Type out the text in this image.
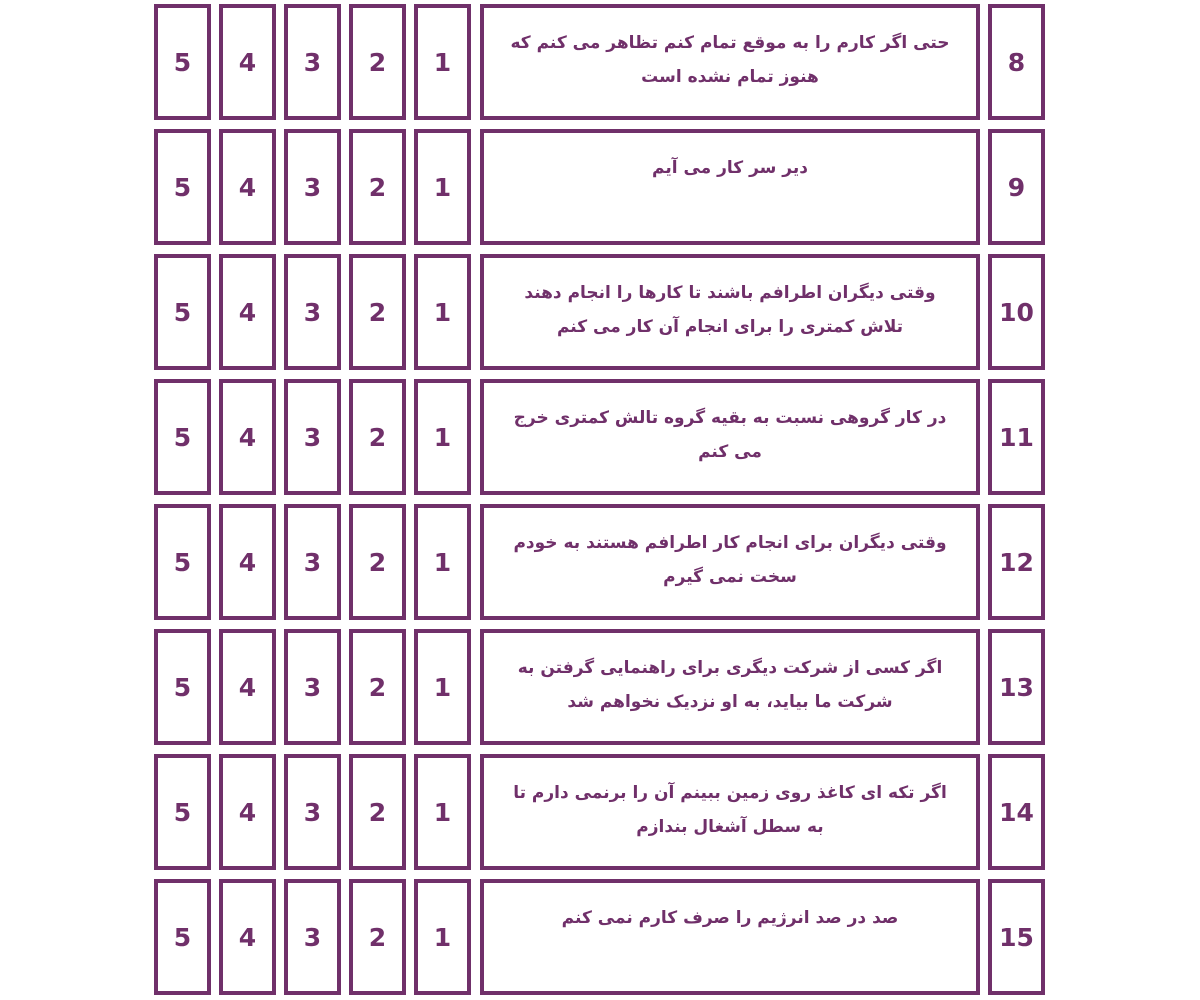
8
حتی اگر کارم را به موقع تمام کنم تظاهر می کنم که هنوز تمام نشده است
1
2
3
4
5
9
دیر سر کار می آیم
1
2
3
4
5
10
وقتی دیگران اطرافم باشند تا کارها را انجام دهند تلاش کمتری را برای انجام آن کار می کنم
1
2
3
4
5
11
در کار گروهی نسبت به بقیه گروه تالش کمتری خرج می کنم
1
2
3
4
5
12
وقتی دیگران برای انجام کار اطرافم هستند به خودم سخت نمی گیرم
1
2
3
4
5
13
اگر کسی از شرکت دیگری برای راهنمایی گرفتن به شرکت ما بیاید، به او نزدیک نخواهم شد
1
2
3
4
5
14
اگر تکه ای کاغذ روی زمین ببینم آن را برنمی دارم تا به سطل آشغال بندازم
1
2
3
4
5
15
صد در صد انرژیم را صرف کارم نمی کنم
1
2
3
4
5
